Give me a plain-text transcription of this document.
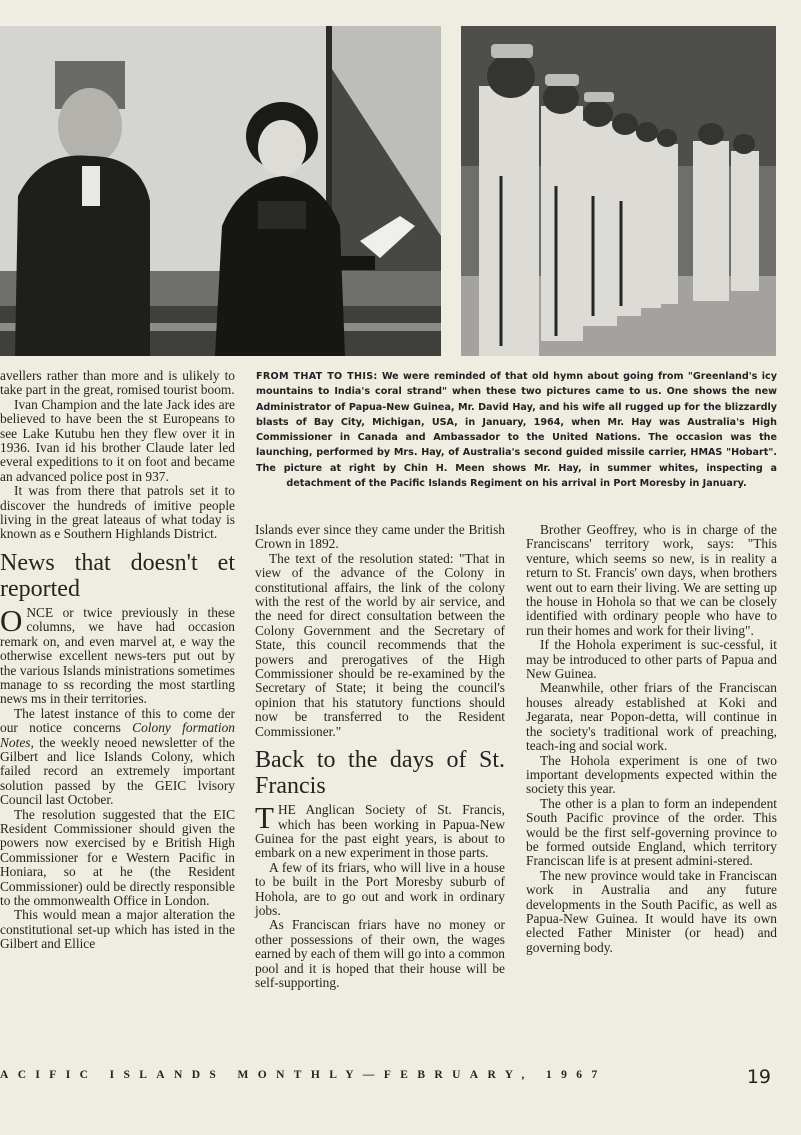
FROM THAT TO THIS: We were reminded of that old hymn about going from "Greenland's icy mountains to India's coral strand" when these two pictures came to us. One shows the new Administrator of Papua-New Guinea, Mr. David Hay, and his wife all rugged up for the blizzardly blasts of Bay City, Michigan, USA, in January, 1964, when Mr. Hay was Australia's High Commissioner in Canada and Ambassador to the United Nations. The occasion was the launching, performed by Mrs. Hay, of Australia's second guided missile carrier, HMAS "Hobart". The picture at right by Chin H. Meen shows Mr. Hay, in summer whites, inspecting a detachment of the Pacific Islands Regiment on his arrival in Port Moresby in January.

avellers rather than more and is ulikely to take part in the great, romised tourist boom.

Ivan Champion and the late Jack ides are believed to have been the st Europeans to see Lake Kutubu hen they flew over it in 1936. Ivan id his brother Claude later led everal expeditions to it on foot and became an advanced police post in 937.

It was from there that patrols set it to discover the hundreds of imitive people living in the great lateaus of what today is known as e Southern Highlands District.

News that doesn't et reported

ONCE or twice previously in these columns, we have had occasion remark on, and even marvel at, e way the otherwise excellent news-ters put out by the various Islands ministrations sometimes manage to ss recording the most startling news ms in their territories.

The latest instance of this to come der our notice concerns Colony formation Notes, the weekly neoed newsletter of the Gilbert and lice Islands Colony, which failed record an extremely important solution passed by the GEIC lvisory Council last October.

The resolution suggested that the EIC Resident Commissioner should given the powers now exercised by e British High Commissioner for e Western Pacific in Honiara, so at he (the Resident Commissioner) ould be directly responsible to the ommonwealth Office in London.

This would mean a major alteration the constitutional set-up which has isted in the Gilbert and Ellice

Islands ever since they came under the British Crown in 1892.

The text of the resolution stated: "That in view of the advance of the Colony in constitutional affairs, the link of the colony with the rest of the world by air service, and the need for direct consultation between the Colony Government and the Secretary of State, this council recommends that the powers and prerogatives of the High Commissioner should be re-examined by the Secretary of State; it being the council's opinion that his statutory functions should now be transferred to the Resident Commissioner."

Back to the days of St. Francis

THE Anglican Society of St. Francis, which has been working in Papua-New Guinea for the past eight years, is about to embark on a new experiment in those parts.

A few of its friars, who will live in a house to be built in the Port Moresby suburb of Hohola, are to go out and work in ordinary jobs.

As Franciscan friars have no money or other possessions of their own, the wages earned by each of them will go into a common pool and it is hoped that their house will be self-supporting.

Brother Geoffrey, who is in charge of the Franciscans' territory work, says: "This venture, which seems so new, is in reality a return to St. Francis' own days, when brothers went out to earn their living. We are setting up the house in Hohola so that we can be closely identified with ordinary people who have to run their homes and work for their living".

If the Hohola experiment is suc-cessful, it may be introduced to other parts of Papua and New Guinea.

Meanwhile, other friars of the Franciscan houses already established at Koki and Jegarata, near Popon-detta, will continue in the society's traditional work of preaching, teach-ing and social work.

The Hohola experiment is one of two important developments expected within the society this year.

The other is a plan to form an independent South Pacific province of the order. This would be the first self-governing province to be formed outside England, which territory Franciscan life is at present admini-stered.

The new province would take in Franciscan work in Australia and any future developments in the South Pacific, as well as Papua-New Guinea. It would have its own elected Father Minister (or head) and governing body.

ACIFIC ISLANDS MONTHLY—FEBRUARY, 1967	19
